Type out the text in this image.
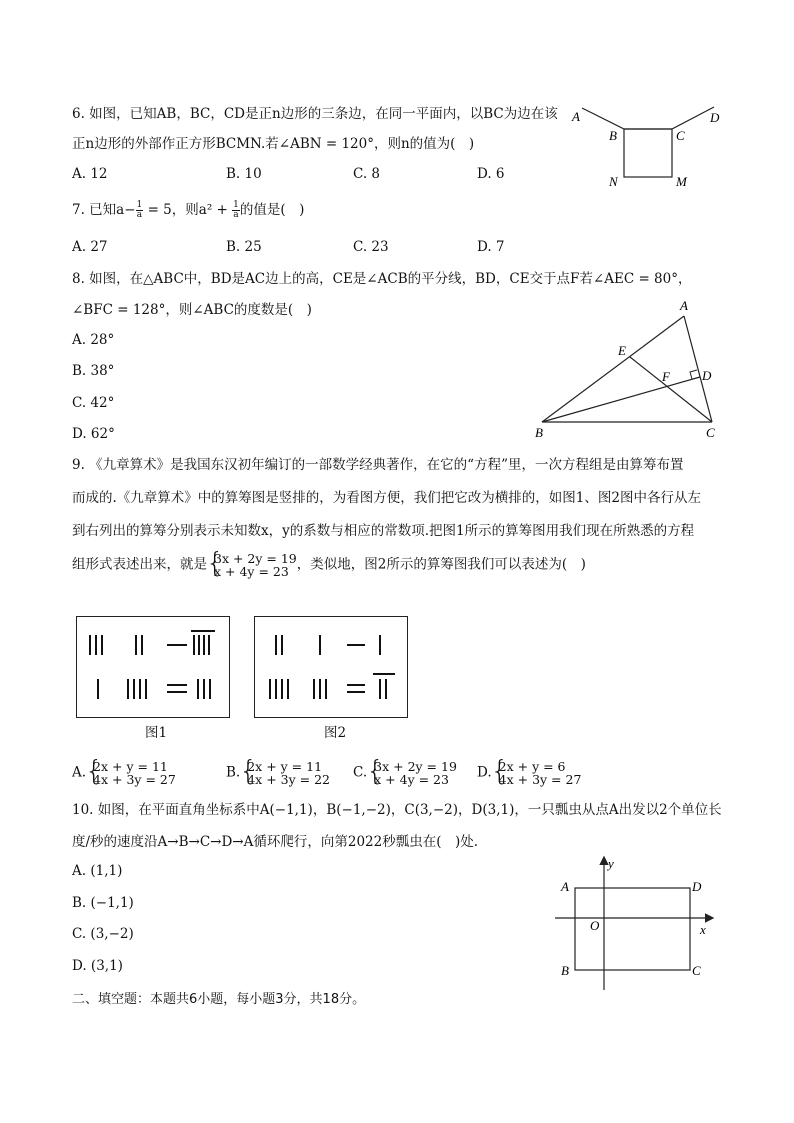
6. 如图，已知AB，BC，CD是正n边形的三条边，在同一平面内，以BC为边在该
正n边形的外部作正方形BCMN.若∠ABN = 120°，则n的值为(　)
A. 12	B. 10	C. 8	D. 6
A
B	C
D
N	M
7. 已知$a- \frac{1}{a} = 5$，则$a^2 + \frac{1}{a}$ 的值是(　)
A. 27	B. 25	C. 23	D. 7
8. 如图，在△ABC中，BD是AC边上的高，CE是∠ACB的平分线，BD，CE交于点F若∠AEC = 80°，
∠BFC = 128°，则∠ABC的度数是(　)
A. 28°
B. 38°
C. 42°
D. 62°
A
E
F D
B	C
9. 《九章算术》是我国东汉初年编订的一部数学经典著作，在它的“方程”里，一次方程组是由算筹布置
而成的.《九章算术》中的算筹图是竖排的，为看图方便，我们把它改为横排的，如图1、图2图中各行从左
到右列出的算筹分别表示未知数x，y的系数与相应的常数项.把图1所示的算筹图用我们现在所熟悉的方程
组形式表述出来，就是 { 3x + 2y = 19
x + 4y = 23 ，类似地，图2所示的算筹图我们可以表述为(　)
图1	图2
A. { 2x + y = 11
4x + 3y = 27	B. { 2x + y = 11
4x + 3y = 22 C. { 3x + 2y = 19
x + 4y = 23	D. { 2x + y = 6
4x + 3y = 27
10. 如图，在平面直角坐标系中A(−1,1)，B(−1,−2)，C(3,−2)，D(3,1)，一只瓢虫从点A出发以2个单位长
度/秒的速度沿A→B→C→D→A循环爬行，向第2022秒瓢虫在(　)处.
A. (1,1)
B. (−1,1)
C. (3,−2)
D. (3,1)
A
B	C
D
O	x
y
二、填空题：本题共6小题，每小题3分，共18分。
